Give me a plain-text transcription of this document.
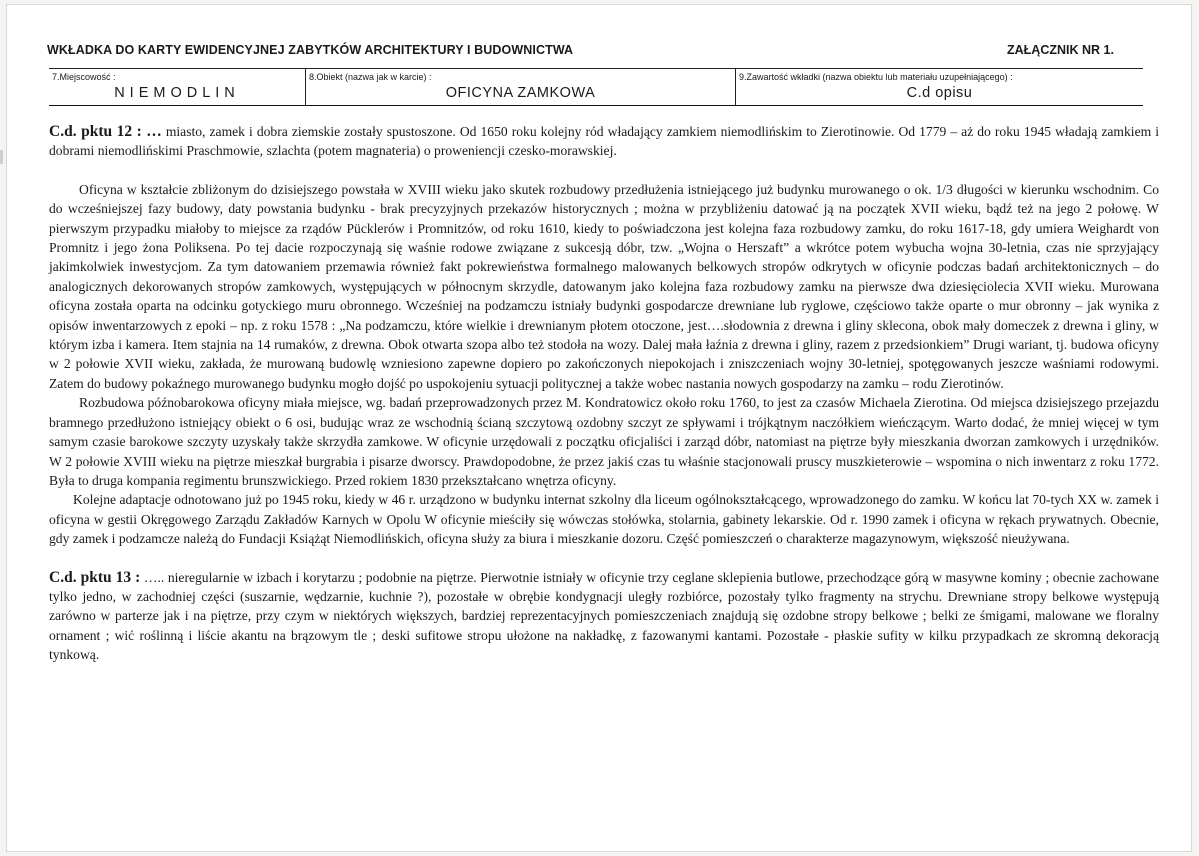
WKŁADKA DO KARTY EWIDENCYJNEJ ZABYTKÓW ARCHITEKTURY I BUDOWNICTWA	ZAŁĄCZNIK NR 1.
7.Miejscowość :
NIEMODLIN
8.Obiekt (nazwa jak w karcie) :
OFICYNA ZAMKOWA
9.Zawartość wkładki (nazwa obiektu lub materiału uzupełniającego) :
C.d opisu

C.d. pktu 12 : … miasto, zamek i dobra ziemskie zostały spustoszone. Od 1650 roku kolejny ród władający zamkiem niemodlińskim to Zierotinowie. Od 1779 – aż do roku 1945 władają zamkiem i dobrami niemodlińskimi Praschmowie, szlachta (potem magnateria) o proweniencji czesko-morawskiej.

Oficyna w kształcie zbliżonym do dzisiejszego powstała w XVIII wieku jako skutek rozbudowy przedłużenia istniejącego już budynku murowanego o ok. 1/3 długości w kierunku wschodnim. Co do wcześniejszej fazy budowy, daty powstania budynku - brak precyzyjnych przekazów historycznych ; można w przybliżeniu datować ją na początek XVII wieku, bądź też na jego 2 połowę. W pierwszym przypadku miałoby to miejsce za rządów Pücklerów i Promnitzów, od roku 1610, kiedy to poświadczona jest kolejna faza rozbudowy zamku, do roku 1617-18, gdy umiera Weighardt von Promnitz i jego żona Poliksena. Po tej dacie rozpoczynają się waśnie rodowe związane z sukcesją dóbr, tzw. „Wojna o Herszaft” a wkrótce potem wybucha wojna 30-letnia, czas nie sprzyjający jakimkolwiek inwestycjom. Za tym datowaniem przemawia również fakt pokrewieństwa formalnego malowanych belkowych stropów odkrytych w oficynie podczas badań architektonicznych – do analogicznych dekorowanych stropów zamkowych, występujących w północnym skrzydle, datowanym jako kolejna faza rozbudowy zamku na pierwsze dwa dziesięciolecia XVII wieku. Murowana oficyna została oparta na odcinku gotyckiego muru obronnego. Wcześniej na podzamczu istniały budynki gospodarcze drewniane lub ryglowe, częściowo także oparte o mur obronny – jak wynika z opisów inwentarzowych z epoki – np. z roku 1578 : „Na podzamczu, które wielkie i drewnianym płotem otoczone, jest….słodownia z drewna i gliny sklecona, obok mały domeczek z drewna i gliny, w którym izba i kamera. Item stajnia na 14 rumaków, z drewna. Obok otwarta szopa albo też stodoła na wozy. Dalej mała łaźnia z drewna i gliny, razem z przedsionkiem” Drugi wariant, tj. budowa oficyny w 2 połowie XVII wieku, zakłada, że murowaną budowlę wzniesiono zapewne dopiero po zakończonych niepokojach i zniszczeniach wojny 30-letniej, spotęgowanych jeszcze waśniami rodowymi. Zatem do budowy pokaźnego murowanego budynku mogło dojść po uspokojeniu sytuacji politycznej a także wobec nastania nowych gospodarzy na zamku – rodu Zierotinów.

Rozbudowa późnobarokowa oficyny miała miejsce, wg. badań przeprowadzonych przez M. Kondratowicz około roku 1760, to jest za czasów Michaela Zierotina. Od miejsca dzisiejszego przejazdu bramnego przedłużono istniejący obiekt o 6 osi, budując wraz ze wschodnią ścianą szczytową ozdobny szczyt ze spływami i trójkątnym naczółkiem wieńczącym. Warto dodać, że mniej więcej w tym samym czasie barokowe szczyty uzyskały także skrzydła zamkowe. W oficynie urzędowali z początku oficjaliści i zarząd dóbr, natomiast na piętrze były mieszkania dworzan zamkowych i urzędników. W 2 połowie XVIII wieku na piętrze mieszkał burgrabia i pisarze dworscy. Prawdopodobne, że przez jakiś czas tu właśnie stacjonowali pruscy muszkieterowie – wspomina o nich inwentarz z roku 1772. Była to druga kompania regimentu brunszwickiego. Przed rokiem 1830 przekształcano wnętrza oficyny.

Kolejne adaptacje odnotowano już po 1945 roku, kiedy w 46 r. urządzono w budynku internat szkolny dla liceum ogólnokształcącego, wprowadzonego do zamku. W końcu lat 70-tych XX w. zamek i oficyna w gestii Okręgowego Zarządu Zakładów Karnych w Opolu W oficynie mieściły się wówczas stołówka, stolarnia, gabinety lekarskie. Od r. 1990 zamek i oficyna w rękach prywatnych. Obecnie, gdy zamek i podzamcze należą do Fundacji Książąt Niemodlińskich, oficyna służy za biura i mieszkanie dozoru. Część pomieszczeń o charakterze magazynowym, większość nieużywana.

C.d. pktu 13 : ….. nieregularnie w izbach i korytarzu ; podobnie na piętrze. Pierwotnie istniały w oficynie trzy ceglane sklepienia butlowe, przechodzące górą w masywne kominy ; obecnie zachowane tylko jedno, w zachodniej części (suszarnie, wędzarnie, kuchnie ?), pozostałe w obrębie kondygnacji uległy rozbiórce, pozostały tylko fragmenty na strychu. Drewniane stropy belkowe występują zarówno w parterze jak i na piętrze, przy czym w niektórych większych, bardziej reprezentacyjnych pomieszczeniach znajdują się ozdobne stropy belkowe ; belki ze śmigami, malowane we floralny ornament ; wić roślinną i liście akantu na brązowym tle ; deski sufitowe stropu ułożone na nakładkę, z fazowanymi kantami. Pozostałe - płaskie sufity w kilku przypadkach ze skromną dekoracją tynkową.
